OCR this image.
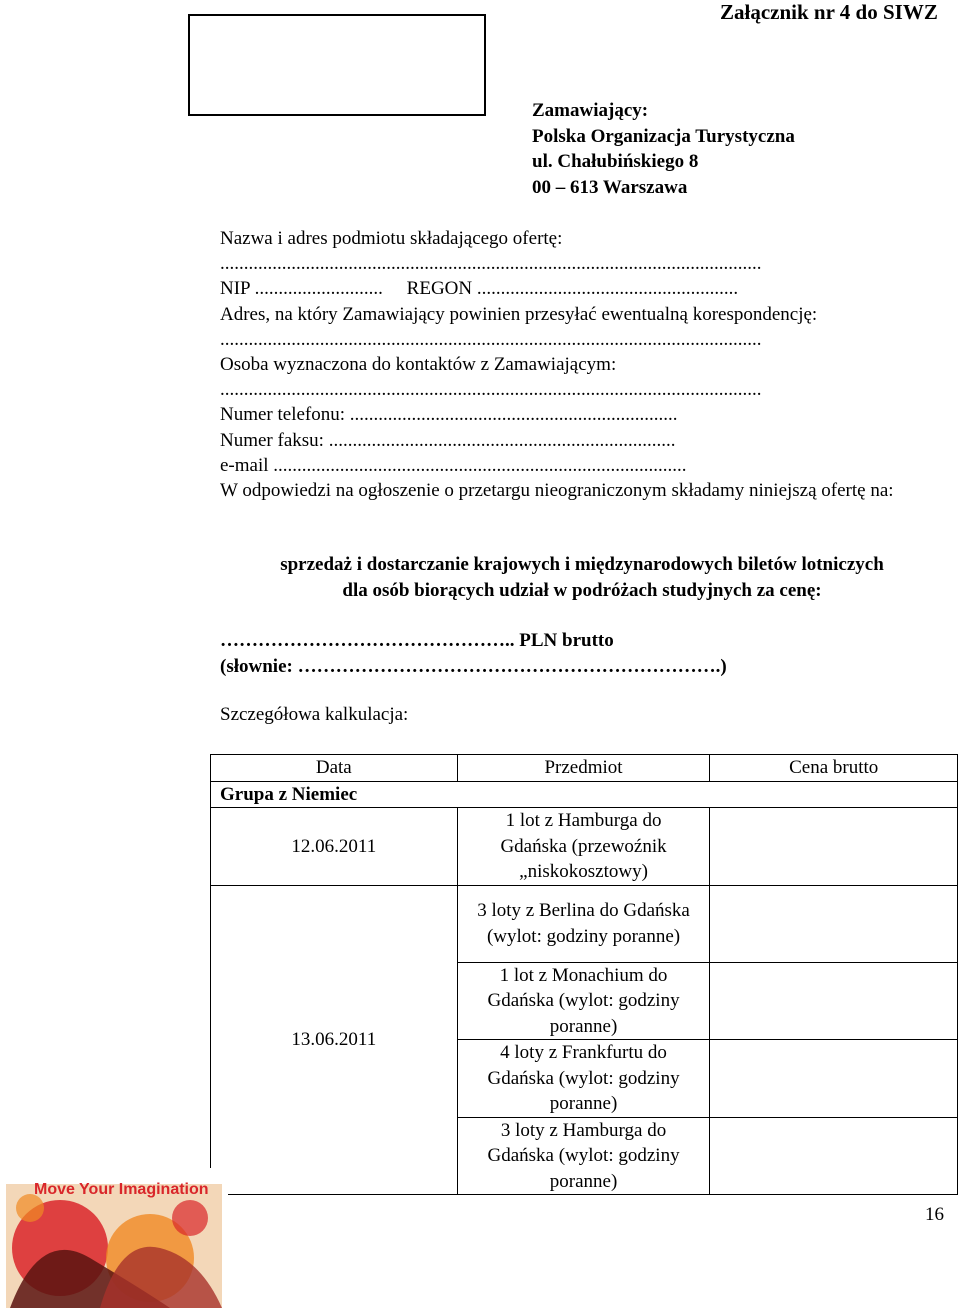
Załącznik nr 4 do SIWZ
Zamawiający:
Polska Organizacja Turystyczna
ul. Chałubińskiego 8
00 – 613 Warszawa
Nazwa i adres podmiotu składającego ofertę:
..................................................................................................................
NIP ...........................     REGON .......................................................
Adres, na który Zamawiający powinien przesyłać ewentualną korespondencję:
..................................................................................................................
Osoba wyznaczona do kontaktów z Zamawiającym:
..................................................................................................................
Numer telefonu: .....................................................................
Numer faksu: .........................................................................
e-mail .......................................................................................
W odpowiedzi na ogłoszenie o przetargu nieograniczonym składamy niniejszą ofertę na:
sprzedaż i dostarczanie krajowych i międzynarodowych biletów lotniczych
dla osób biorących udział w podróżach studyjnych za cenę:
……………………………………….. PLN brutto
(słownie: ………………………………………………………….)
Szczegółowa kalkulacja:
Data	Przedmiot	Cena brutto
Grupa z Niemiec		
12.06.2011	1 lot z Hamburga do Gdańska (przewoźnik „niskokosztowy)	
13.06.2011	3 loty z Berlina do Gdańska (wylot: godziny poranne)	
	1 lot z Monachium do Gdańska (wylot: godziny poranne)	
	4 loty z Frankfurtu do Gdańska (wylot: godziny poranne)	
	3 loty z Hamburga do Gdańska (wylot: godziny poranne)	
16
Move Your Imagination
